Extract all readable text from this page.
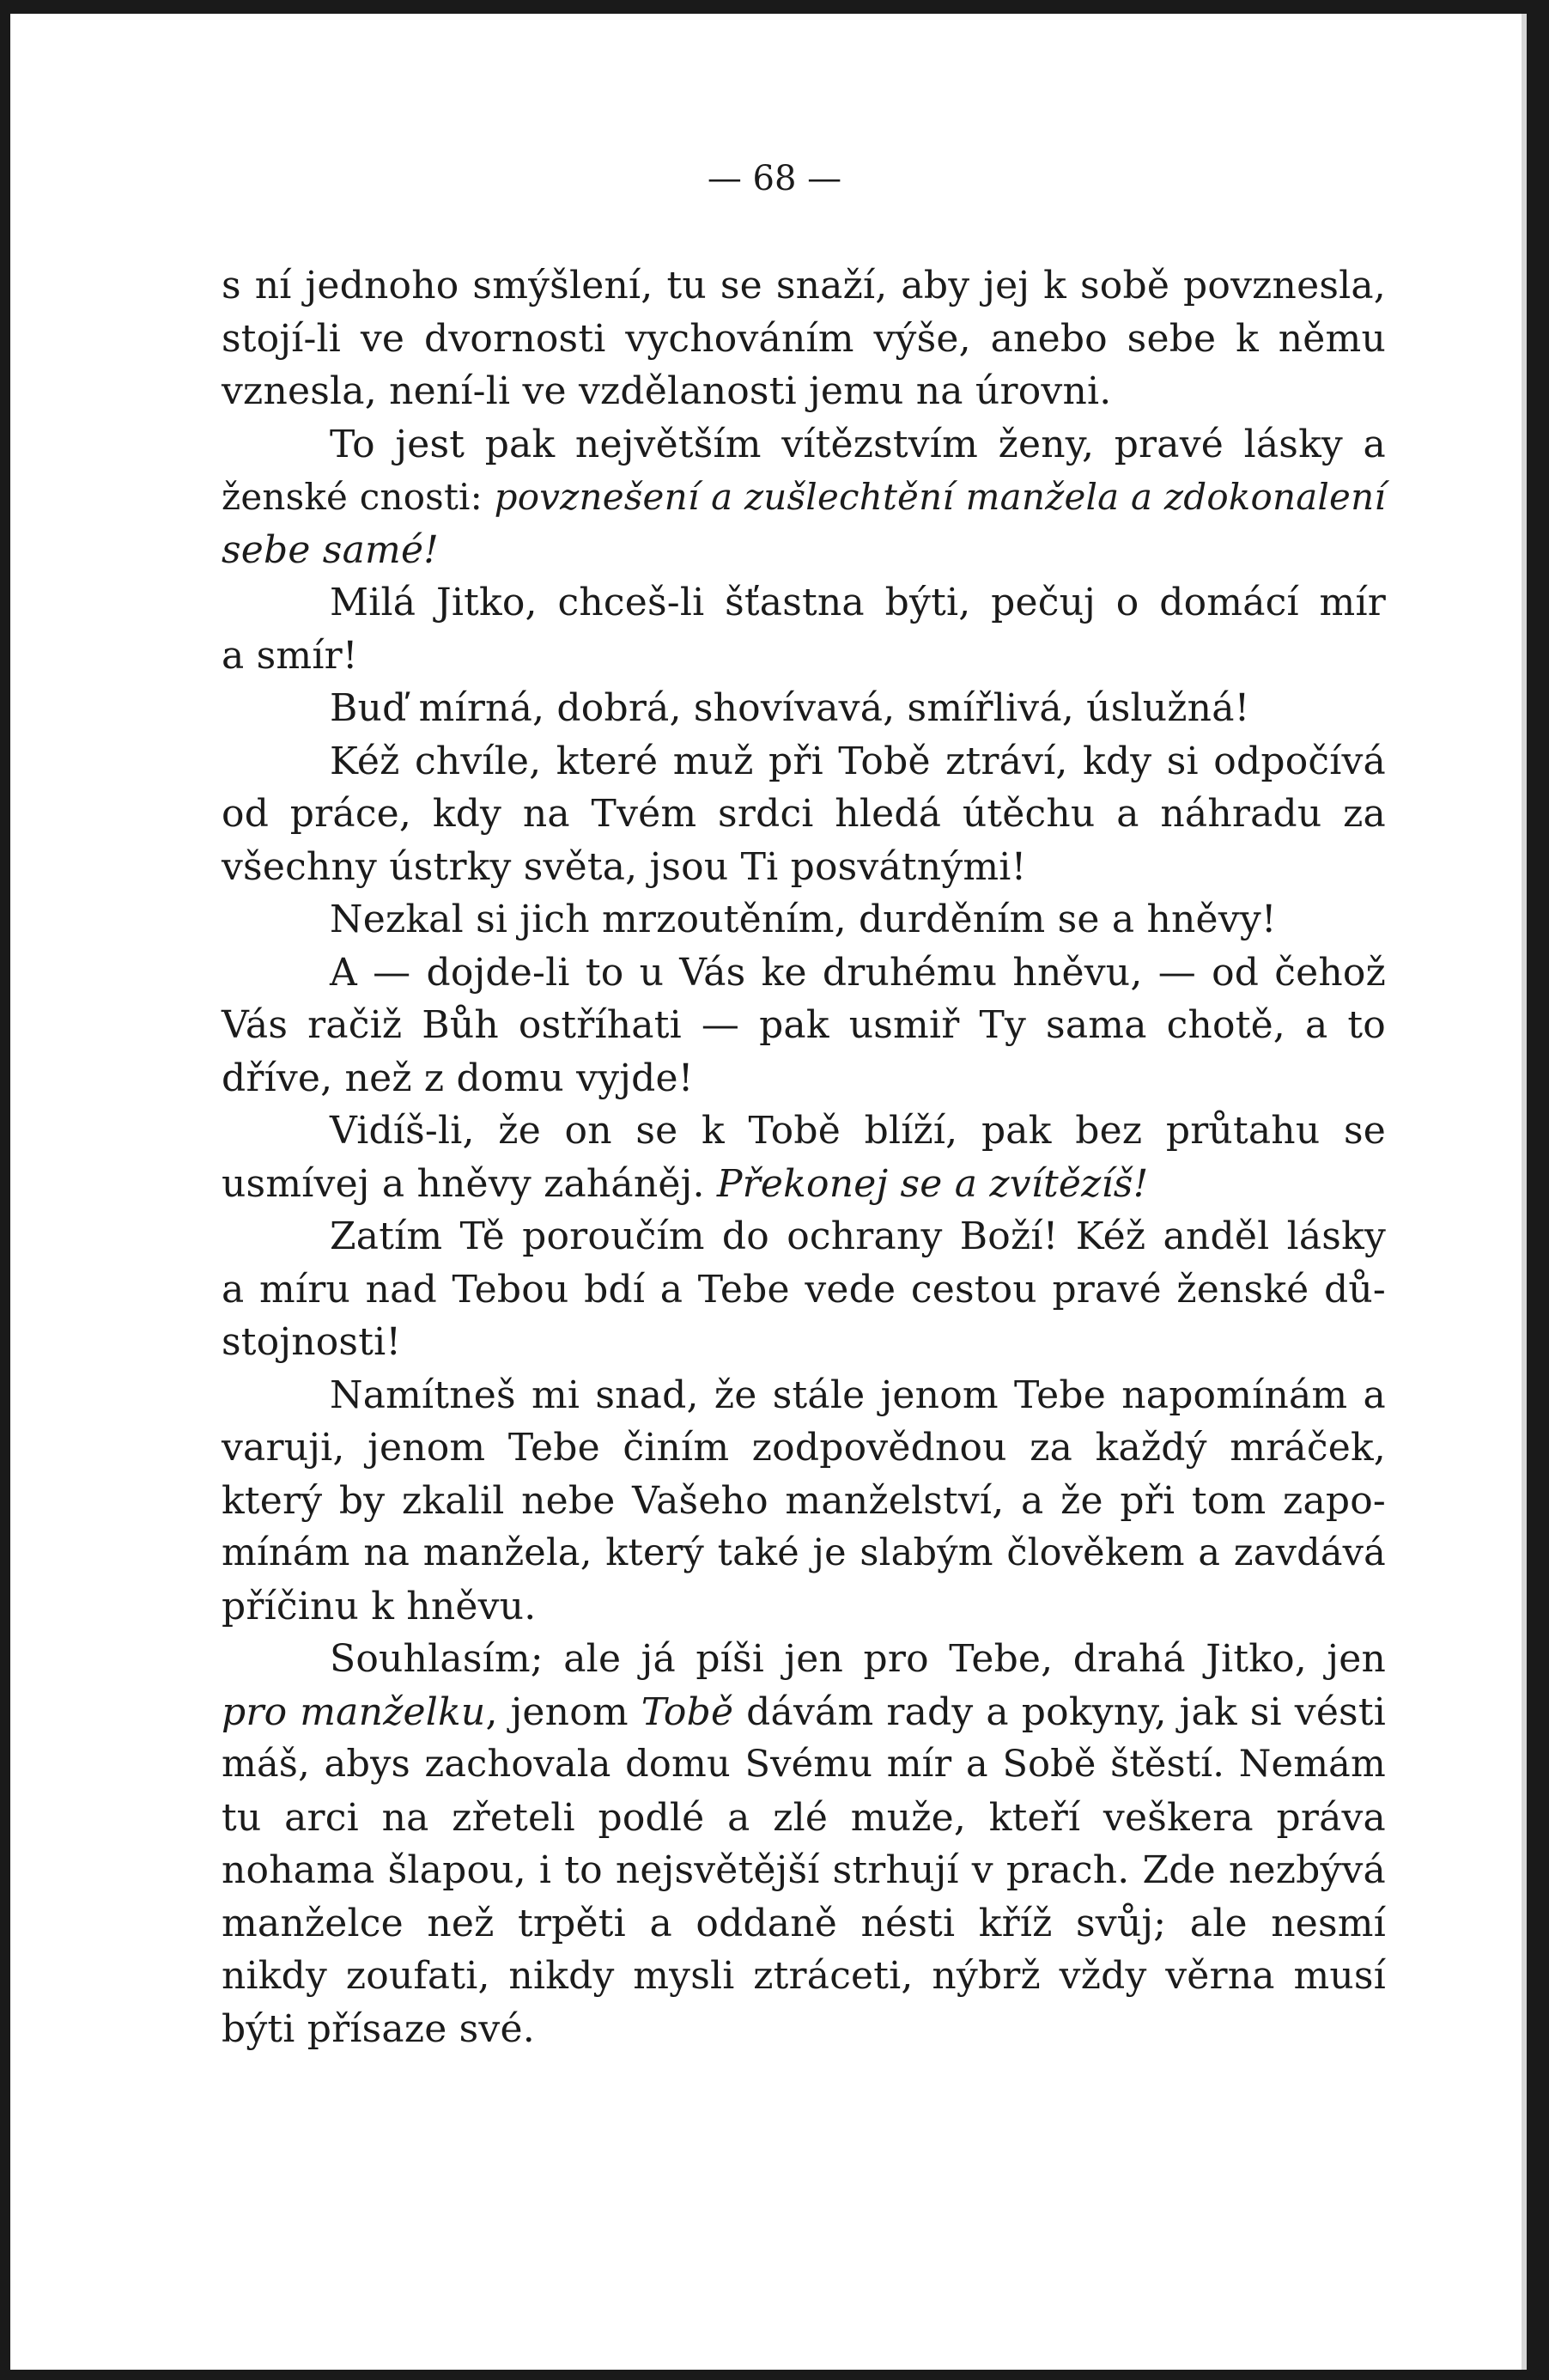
— 68 —
s ní jednoho smýšlení, tu se snaží, aby jej k sobě povznesla,
stojí-li ve dvornosti vychováním výše, anebo sebe k němu
vznesla, není-li ve vzdělanosti jemu na úrovni.
To jest pak největším vítězstvím ženy, pravé lásky a
ženské cnosti: povznešení a zušlechtění manžela a zdokonalení
sebe samé!
Milá Jitko, chceš-li šťastna býti, pečuj o domácí mír
a smír!
Buď mírná, dobrá, shovívavá, smířlivá, úslužná!
Kéž chvíle, které muž při Tobě ztráví, kdy si odpočívá
od práce, kdy na Tvém srdci hledá útěchu a náhradu za
všechny ústrky světa, jsou Ti posvátnými!
Nezkal si jich mrzoutěním, durděním se a hněvy!
A — dojde-li to u Vás ke druhému hněvu, — od čehož
Vás račiž Bůh ostříhati — pak usmiř Ty sama chotě, a to
dříve, než z domu vyjde!
Vidíš-li, že on se k Tobě blíží, pak bez průtahu se
usmívej a hněvy zaháněj. Překonej se a zvítězíš!
Zatím Tě poroučím do ochrany Boží! Kéž anděl lásky
a míru nad Tebou bdí a Tebe vede cestou pravé ženské dů-
stojnosti!
Namítneš mi snad, že stále jenom Tebe napomínám a
varuji, jenom Tebe činím zodpovědnou za každý mráček,
který by zkalil nebe Vašeho manželství, a že při tom zapo-
mínám na manžela, který také je slabým člověkem a zavdává
příčinu k hněvu.
Souhlasím; ale já píši jen pro Tebe, drahá Jitko, jen
pro manželku, jenom Tobě dávám rady a pokyny, jak si vésti
máš, abys zachovala domu Svému mír a Sobě štěstí. Nemám
tu arci na zřeteli podlé a zlé muže, kteří veškera práva
nohama šlapou, i to nejsvětější strhují v prach. Zde nezbývá
manželce než trpěti a oddaně nésti kříž svůj; ale nesmí
nikdy zoufati, nikdy mysli ztráceti, nýbrž vždy věrna musí
býti přísaze své.
